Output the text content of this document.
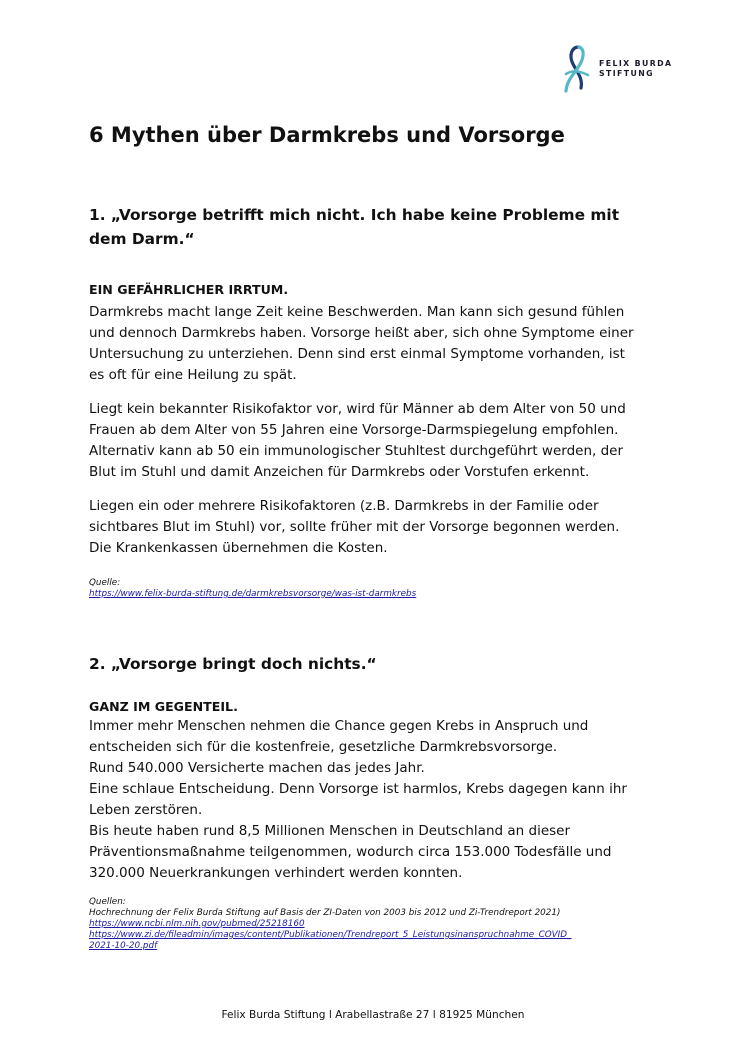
FELIX BURDA
STIFTUNG
6 Mythen über Darmkrebs und Vorsorge
1. „Vorsorge betrifft mich nicht. Ich habe keine Probleme mit
dem Darm.“
EIN GEFÄHRLICHER IRRTUM.
Darmkrebs macht lange Zeit keine Beschwerden. Man kann sich gesund fühlen
und dennoch Darmkrebs haben. Vorsorge heißt aber, sich ohne Symptome einer
Untersuchung zu unterziehen. Denn sind erst einmal Symptome vorhanden, ist
es oft für eine Heilung zu spät.
Liegt kein bekannter Risikofaktor vor, wird für Männer ab dem Alter von 50 und
Frauen ab dem Alter von 55 Jahren eine Vorsorge-Darmspiegelung empfohlen.
Alternativ kann ab 50 ein immunologischer Stuhltest durchgeführt werden, der
Blut im Stuhl und damit Anzeichen für Darmkrebs oder Vorstufen erkennt.
Liegen ein oder mehrere Risikofaktoren (z.B. Darmkrebs in der Familie oder
sichtbares Blut im Stuhl) vor, sollte früher mit der Vorsorge begonnen werden.
Die Krankenkassen übernehmen die Kosten.
Quelle:
https://www.felix-burda-stiftung.de/darmkrebsvorsorge/was-ist-darmkrebs
2. „Vorsorge bringt doch nichts.“
GANZ IM GEGENTEIL.
Immer mehr Menschen nehmen die Chance gegen Krebs in Anspruch und
entscheiden sich für die kostenfreie, gesetzliche Darmkrebsvorsorge.
Rund 540.000 Versicherte machen das jedes Jahr.
Eine schlaue Entscheidung. Denn Vorsorge ist harmlos, Krebs dagegen kann ihr
Leben zerstören.
Bis heute haben rund 8,5 Millionen Menschen in Deutschland an dieser
Präventionsmaßnahme teilgenommen, wodurch circa 153.000 Todesfälle und
320.000 Neuerkrankungen verhindert werden konnten.
Quellen:
Hochrechnung der Felix Burda Stiftung auf Basis der ZI-Daten von 2003 bis 2012 und Zi-Trendreport 2021)
https://www.ncbi.nlm.nih.gov/pubmed/25218160
https://www.zi.de/fileadmin/images/content/Publikationen/Trendreport_5_Leistungsinanspruchnahme_COVID_
2021-10-20.pdf
Felix Burda Stiftung l Arabellastraße 27 l 81925 München
